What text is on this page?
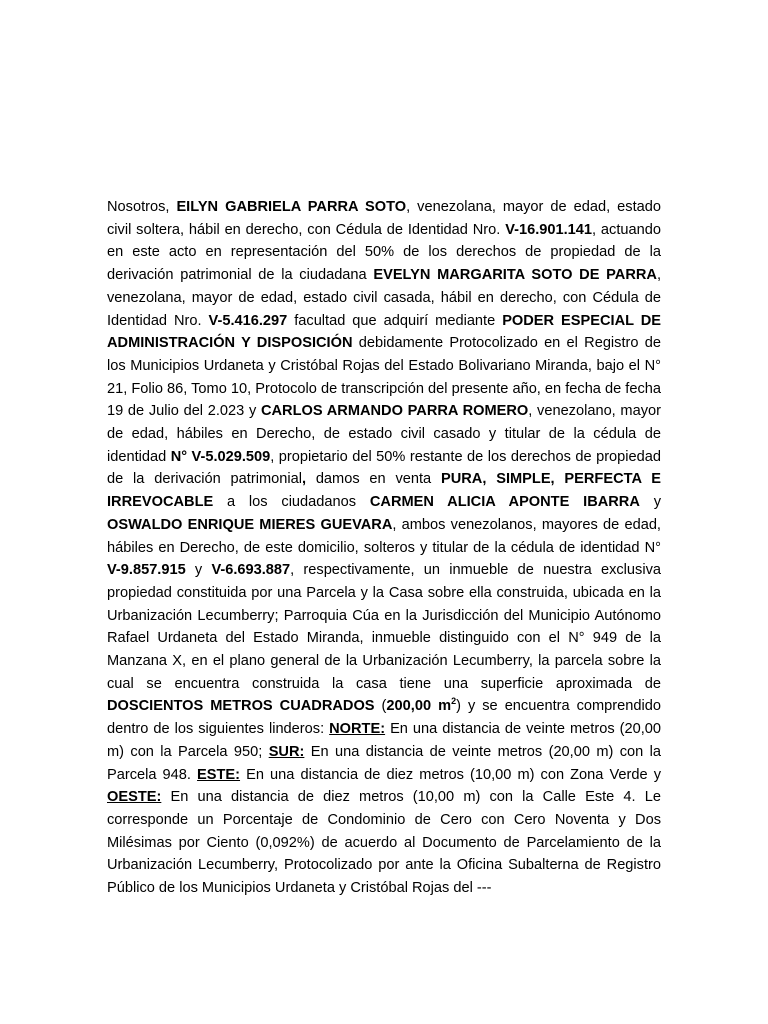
Nosotros, EILYN GABRIELA PARRA SOTO, venezolana, mayor de edad, estado civil soltera, hábil en derecho, con Cédula de Identidad Nro. V-16.901.141, actuando en este acto en representación del 50% de los derechos de propiedad de la derivación patrimonial de la ciudadana EVELYN MARGARITA SOTO DE PARRA, venezolana, mayor de edad, estado civil casada, hábil en derecho, con Cédula de Identidad Nro. V-5.416.297 facultad que adquirí mediante PODER ESPECIAL DE ADMINISTRACIÓN Y DISPOSICIÓN debidamente Protocolizado en el Registro de los Municipios Urdaneta y Cristóbal Rojas del Estado Bolivariano Miranda, bajo el N° 21, Folio 86, Tomo 10, Protocolo de transcripción del presente año, en fecha de fecha 19 de Julio del 2.023 y CARLOS ARMANDO PARRA ROMERO, venezolano, mayor de edad, hábiles en Derecho, de estado civil casado y titular de la cédula de identidad N° V-5.029.509, propietario del 50% restante de los derechos de propiedad de la derivación patrimonial, damos en venta PURA, SIMPLE, PERFECTA E IRREVOCABLE a los ciudadanos CARMEN ALICIA APONTE IBARRA y OSWALDO ENRIQUE MIERES GUEVARA, ambos venezolanos, mayores de edad, hábiles en Derecho, de este domicilio, solteros y titular de la cédula de identidad N° V-9.857.915 y V-6.693.887, respectivamente, un inmueble de nuestra exclusiva propiedad constituida por una Parcela y la Casa sobre ella construida, ubicada en la Urbanización Lecumberry; Parroquia Cúa en la Jurisdicción del Municipio Autónomo Rafael Urdaneta del Estado Miranda, inmueble distinguido con el N° 949 de la Manzana X, en el plano general de la Urbanización Lecumberry, la parcela sobre la cual se encuentra construida la casa tiene una superficie aproximada de DOSCIENTOS METROS CUADRADOS (200,00 $m^2$) y se encuentra comprendido dentro de los siguientes linderos: NORTE: En una distancia de veinte metros (20,00 m) con la Parcela 950; SUR: En una distancia de veinte metros (20,00 m) con la Parcela 948. ESTE: En una distancia de diez metros (10,00 m) con Zona Verde y OESTE: En una distancia de diez metros (10,00 m) con la Calle Este 4. Le corresponde un Porcentaje de Condominio de Cero con Cero Noventa y Dos Milésimas por Ciento (0,092%) de acuerdo al Documento de Parcelamiento de la Urbanización Lecumberry, Protocolizado por ante la Oficina Subalterna de Registro Público de los Municipios Urdaneta y Cristóbal Rojas del ---
